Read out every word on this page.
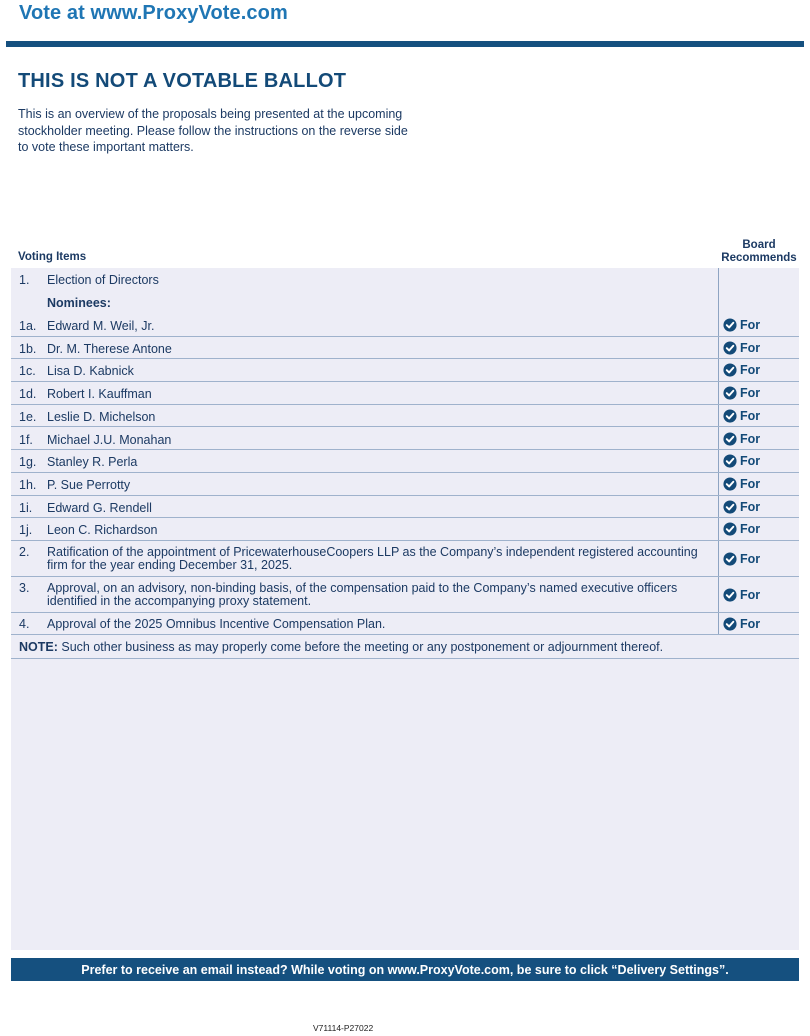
Vote at www.ProxyVote.com
THIS IS NOT A VOTABLE BALLOT
This is an overview of the proposals being presented at the upcoming stockholder meeting. Please follow the instructions on the reverse side to vote these important matters.
Voting Items
Board
Recommends
1. Election of Directors
Nominees:
1a. Edward M. Weil, Jr.	For
1b. Dr. M. Therese Antone	For
1c. Lisa D. Kabnick	For
1d. Robert I. Kauffman	For
1e. Leslie D. Michelson	For
1f. Michael J.U. Monahan	For
1g. Stanley R. Perla	For
1h. P. Sue Perrotty	For
1i. Edward G. Rendell	For
1j. Leon C. Richardson	For
2. Ratification of the appointment of PricewaterhouseCoopers LLP as the Company’s independent registered accounting
firm for the year ending December 31, 2025.	For
3. Approval, on an advisory, non-binding basis, of the compensation paid to the Company’s named executive officers
identified in the accompanying proxy statement.	For
4. Approval of the 2025 Omnibus Incentive Compensation Plan.	For
NOTE: Such other business as may properly come before the meeting or any postponement or adjournment thereof.
Prefer to receive an email instead? While voting on www.ProxyVote.com, be sure to click “Delivery Settings”.
V71114-P27022
